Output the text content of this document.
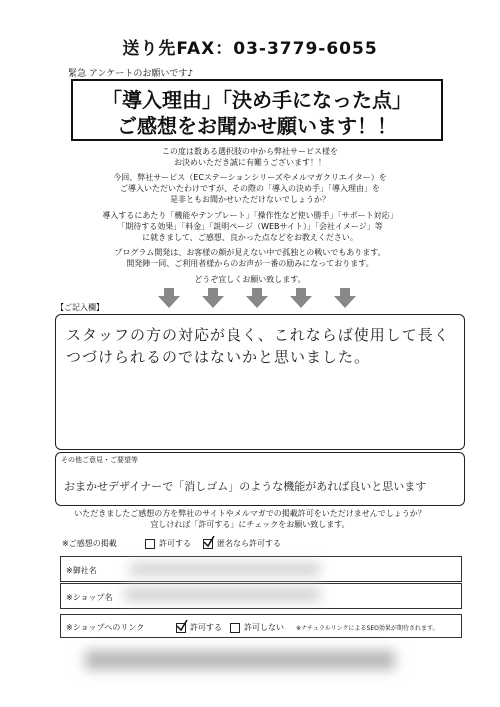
送り先FAX：03-3779-6055
緊急 アンケートのお願いです♪
「導入理由」「決め手になった点」
ご感想をお聞かせ願います！！
この度は数ある選択肢の中から弊社サービス様を
お決めいただき誠に有難うございます！！
今回、弊社サービス（ECステーションシリーズやメルマガクリエイター）を
ご導入いただいたわけですが、その際の「導入の決め手」「導入理由」を
是非ともお聞かせいただけないでしょうか？
導入するにあたり「機能やテンプレート」「操作性など使い勝手」「サポート対応」
「期待する効果」「料金」「説明ページ（WEBサイト）」「会社イメージ」等
に就きまして、ご感想、良かった点などをお教えください。
プログラム開発は、お客様の顔が見えない中で孤独との戦いでもあります。
開発陣一同、ご利用者様からのお声が一番の励みになっております。
どうぞ宜しくお願い致します。
【ご記入欄】
スタッフの方の対応が良く、これならば使用して長く
つづけられるのではないかと思いました。
その他ご意見・ご要望等
おまかせデザイナーで「消しゴム」のような機能があれば良いと思います
いただきましたご感想の方を弊社のサイトやメルマガでの掲載許可をいただけませんでしょうか？
宜しければ「許可する」にチェックをお願い致します。
※ご感想の掲載	許可する	匿名なら許可する
※御社名
※ショップ名
※ショップへのリンク	許可する	許可しない ※ナチュラルリンクによるSEO効果が期待されます。
